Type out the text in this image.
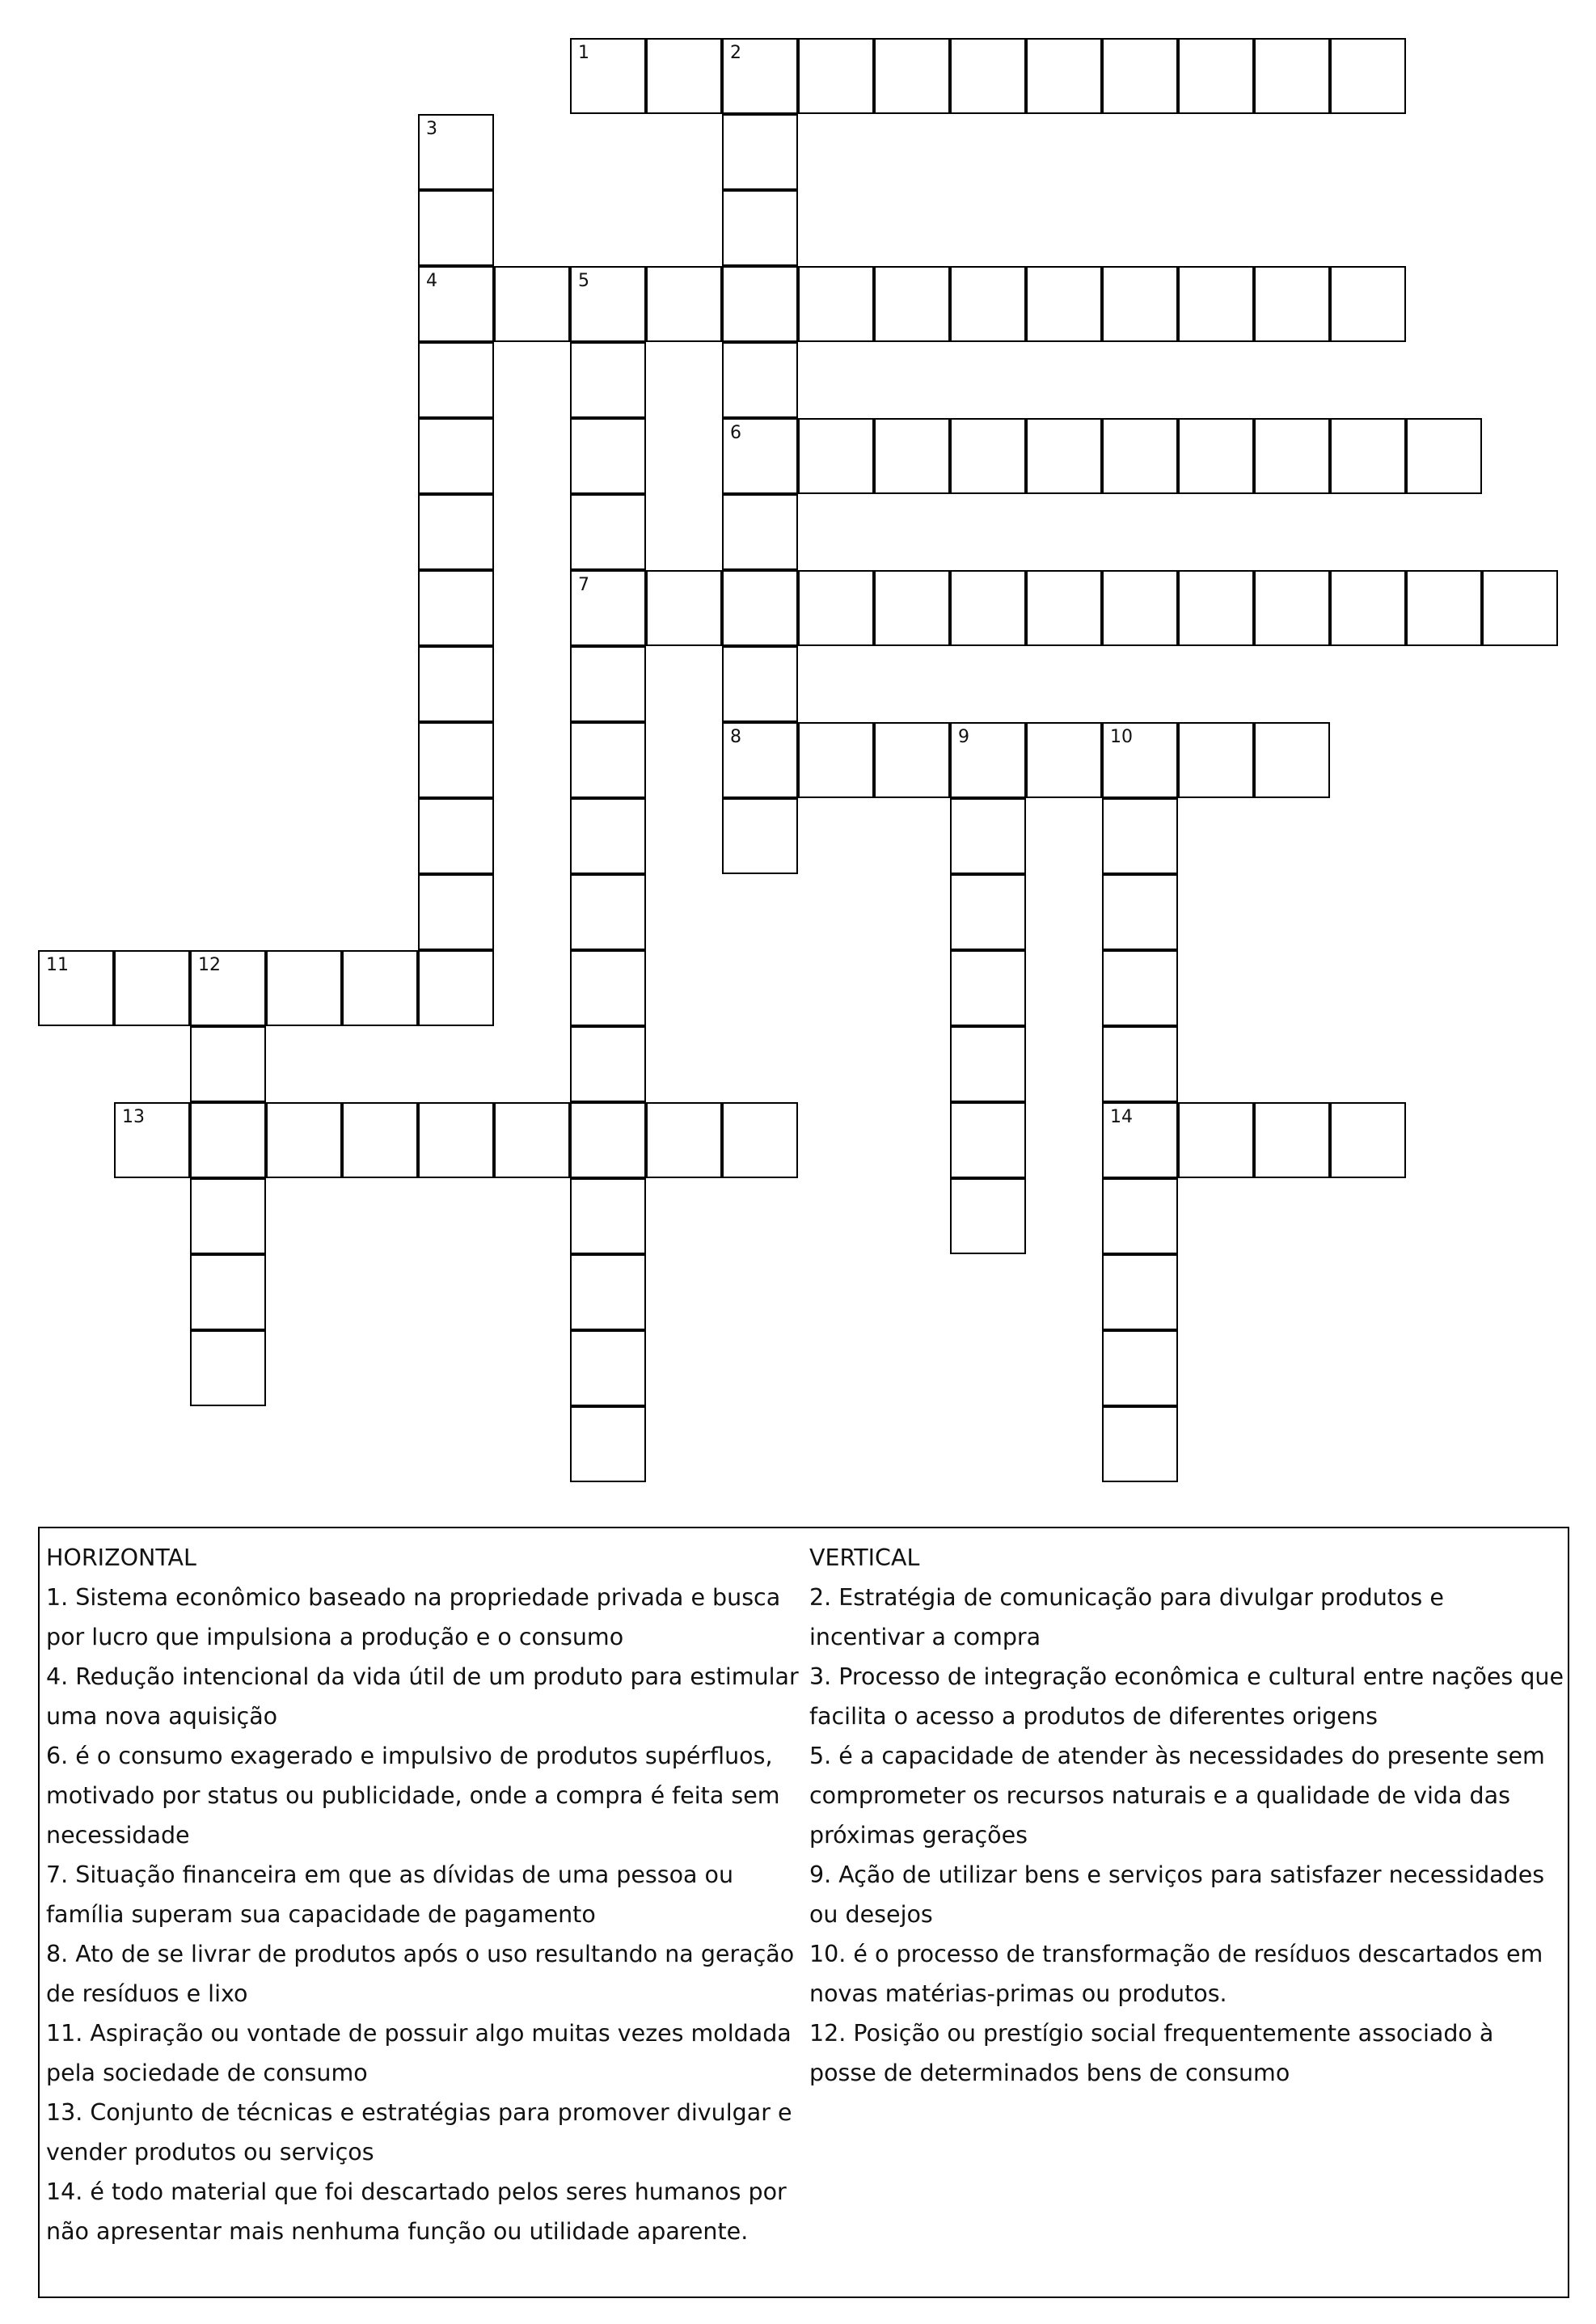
1	2
6
8
3
4	5
7
9	10
14
11	12
13

HORIZONTAL

1. Sistema econômico baseado na propriedade privada e busca por lucro que impulsiona a produção e o consumo

4. Redução intencional da vida útil de um produto para estimular uma nova aquisição

6. é o consumo exagerado e impulsivo de produtos supérfluos, motivado por status ou publicidade, onde a compra é feita sem necessidade

7. Situação financeira em que as dívidas de uma pessoa ou família superam sua capacidade de pagamento

8. Ato de se livrar de produtos após o uso resultando na geração de resíduos e lixo

11. Aspiração ou vontade de possuir algo muitas vezes moldada pela sociedade de consumo

13. Conjunto de técnicas e estratégias para promover divulgar e vender produtos ou serviços

14. é todo material que foi descartado pelos seres humanos por não apresentar mais nenhuma função ou utilidade aparente.

VERTICAL

2. Estratégia de comunicação para divulgar produtos e incentivar a compra

3. Processo de integração econômica e cultural entre nações que facilita o acesso a produtos de diferentes origens

5. é a capacidade de atender às necessidades do presente sem comprometer os recursos naturais e a qualidade de vida das próximas gerações

9. Ação de utilizar bens e serviços para satisfazer necessidades ou desejos

10. é o processo de transformação de resíduos descartados em novas matérias-primas ou produtos.

12. Posição ou prestígio social frequentemente associado à posse de determinados bens de consumo
